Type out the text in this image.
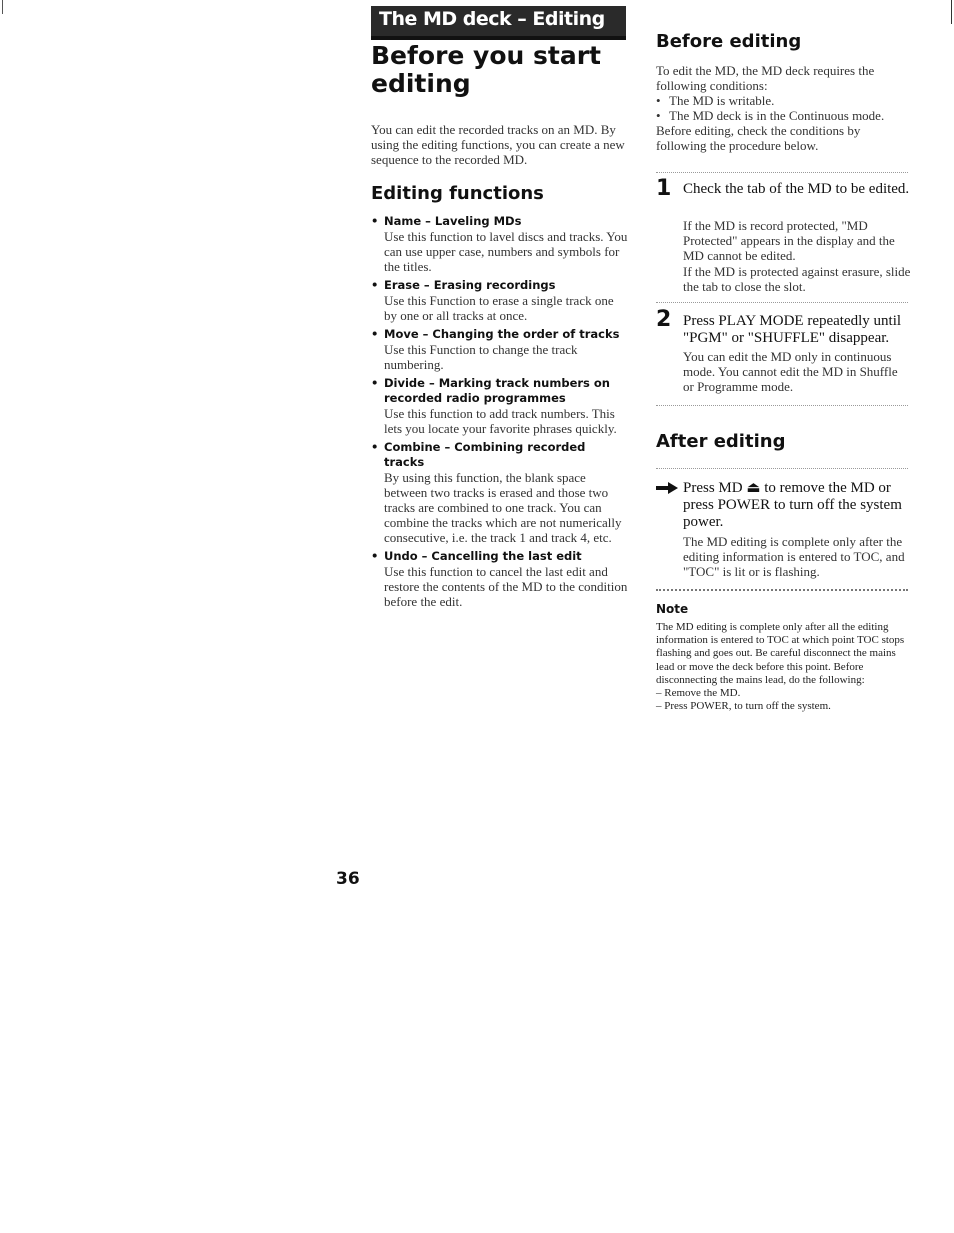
The MD deck – Editing
Before you start editing

You can edit the recorded tracks on an MD. By using the editing functions, you can create a new sequence to the recorded MD.

Editing functions
• Name – Laveling MDs
Use this function to lavel discs and tracks. You can use upper case, numbers and symbols for the titles.
• Erase – Erasing recordings
Use this Function to erase a single track one by one or all tracks at once.
• Move – Changing the order of tracks
Use this Function to change the track numbering.
• Divide – Marking track numbers on recorded radio programmes
Use this function to add track numbers. This lets you locate your favorite phrases quickly.
• Combine – Combining recorded tracks
By using this function, the blank space between two tracks is erased and those two tracks are combined to one track. You can combine the tracks which are not numerically consecutive, i.e. the track 1 and track 4, etc.
• Undo – Cancelling the last edit
Use this function to cancel the last edit and restore the contents of the MD to the condition before the edit.
Before editing

To edit the MD, the MD deck requires the following conditions:

• The MD is writable.
• The MD deck is in the Continuous mode.

Before editing, check the conditions by following the procedure below.

1 Check the tab of the MD to be edited.

If the MD is record protected, "MD Protected" appears in the display and the MD cannot be edited.

If the MD is protected against erasure, slide the tab to close the slot.

2 Press PLAY MODE repeatedly until "PGM" or "SHUFFLE" disappear.

You can edit the MD only in continuous mode. You cannot edit the MD in Shuffle or Programme mode.

After editing

Press MD ⏏ to remove the MD or press POWER to turn off the system power.

The MD editing is complete only after the editing information is entered to TOC, and "TOC" is lit or is flashing.

Note

The MD editing is complete only after all the editing information is entered to TOC at which point TOC stops flashing and goes out. Be careful disconnect the mains lead or move the deck before this point. Before disconnecting the mains lead, do the following:
– Remove the MD.
– Press POWER, to turn off the system.
36
